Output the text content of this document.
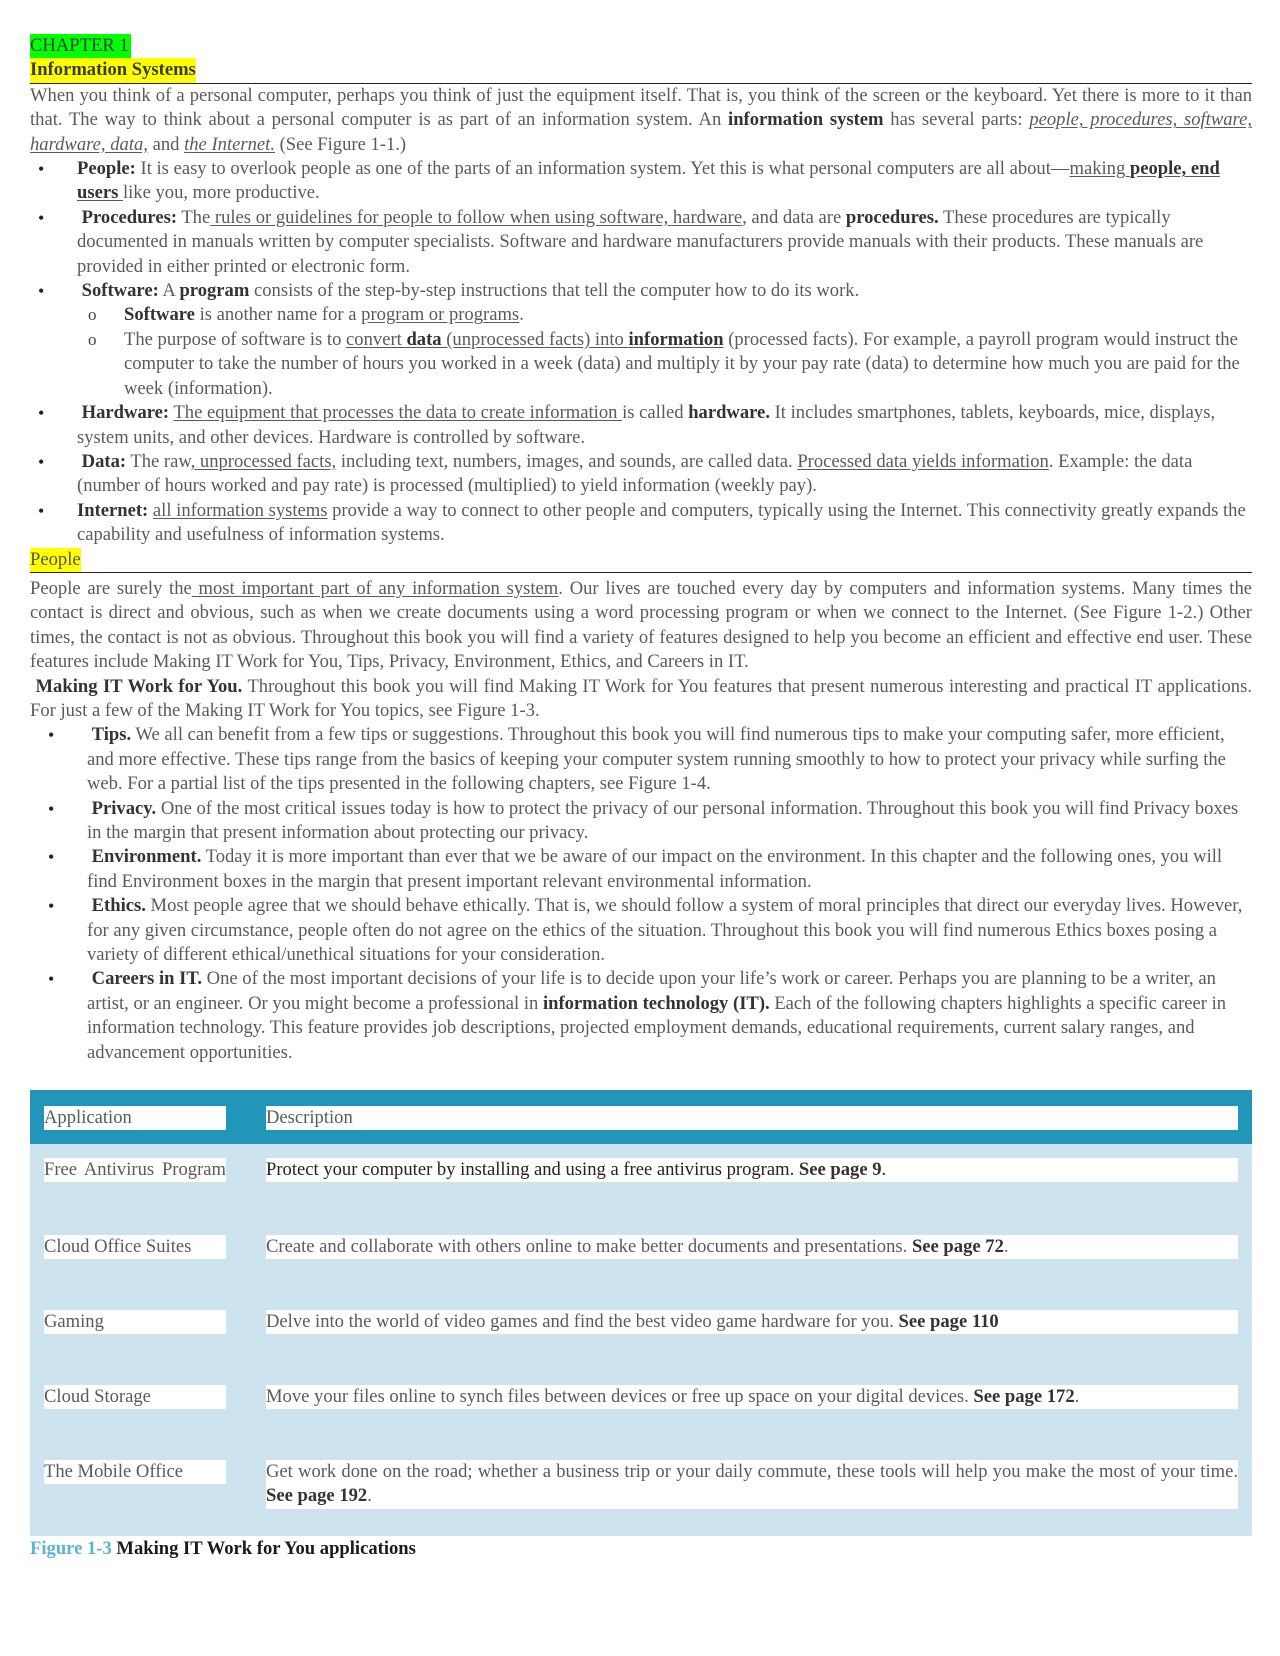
CHAPTER 1
Information Systems

When you think of a personal computer, perhaps you think of just the equipment itself. That is, you think of the screen or the keyboard. Yet there is more to it than that. The way to think about a personal computer is as part of an information system. An information system has several parts: people, procedures, software, hardware, data, and the Internet. (See Figure 1-1.)

• People: It is easy to overlook people as one of the parts of an information system. Yet this is what personal computers are all about—making people, end users like you, more productive.
• Procedures: The rules or guidelines for people to follow when using software, hardware, and data are procedures. These procedures are typically documented in manuals written by computer specialists. Software and hardware manufacturers provide manuals with their products. These manuals are provided in either printed or electronic form.
• Software: A program consists of the step-by-step instructions that tell the computer how to do its work.
o Software is another name for a program or programs.
o The purpose of software is to convert data (unprocessed facts) into information (processed facts). For example, a payroll program would instruct the computer to take the number of hours you worked in a week (data) and multiply it by your pay rate (data) to determine how much you are paid for the week (information).
• Hardware: The equipment that processes the data to create information is called hardware. It includes smartphones, tablets, keyboards, mice, displays, system units, and other devices. Hardware is controlled by software.
• Data: The raw, unprocessed facts, including text, numbers, images, and sounds, are called data. Processed data yields information. Example: the data (number of hours worked and pay rate) is processed (multiplied) to yield information (weekly pay).
• Internet: all information systems provide a way to connect to other people and computers, typically using the Internet. This connectivity greatly expands the capability and usefulness of information systems.
People

People are surely the most important part of any information system. Our lives are touched every day by computers and information systems. Many times the contact is direct and obvious, such as when we create documents using a word processing program or when we connect to the Internet. (See Figure 1-2.) Other times, the contact is not as obvious. Throughout this book you will find a variety of features designed to help you become an efficient and effective end user. These features include Making IT Work for You, Tips, Privacy, Environment, Ethics, and Careers in IT.

Making IT Work for You. Throughout this book you will find Making IT Work for You features that present numerous interesting and practical IT applications. For just a few of the Making IT Work for You topics, see Figure 1-3.

• Tips. We all can benefit from a few tips or suggestions. Throughout this book you will find numerous tips to make your computing safer, more efficient, and more effective. These tips range from the basics of keeping your computer system running smoothly to how to protect your privacy while surfing the web. For a partial list of the tips presented in the following chapters, see Figure 1-4.
• Privacy. One of the most critical issues today is how to protect the privacy of our personal information. Throughout this book you will find Privacy boxes in the margin that present information about protecting our privacy.
• Environment. Today it is more important than ever that we be aware of our impact on the environment. In this chapter and the following ones, you will find Environment boxes in the margin that present important relevant environmental information.
• Ethics. Most people agree that we should behave ethically. That is, we should follow a system of moral principles that direct our everyday lives. However, for any given circumstance, people often do not agree on the ethics of the situation. Throughout this book you will find numerous Ethics boxes posing a variety of different ethical/unethical situations for your consideration.
• Careers in IT. One of the most important decisions of your life is to decide upon your life’s work or career. Perhaps you are planning to be a writer, an artist, or an engineer. Or you might become a professional in information technology (IT). Each of the following chapters highlights a specific career in information technology. This feature provides job descriptions, projected employment demands, educational requirements, current salary ranges, and advancement opportunities.
Application	Description

Free Antivirus Program	Protect your computer by installing and using a free antivirus program. See page 9.

Cloud Office Suites	Create and collaborate with others online to make better documents and presentations. See page 72.

Gaming	Delve into the world of video games and find the best video game hardware for you. See page 110

Cloud Storage	Move your files online to synch files between devices or free up space on your digital devices. See page 172.

The Mobile Office	Get work done on the road; whether a business trip or your daily commute, these tools will help you make the most of your time. See page 192.
Figure 1-3 Making IT Work for You applications
